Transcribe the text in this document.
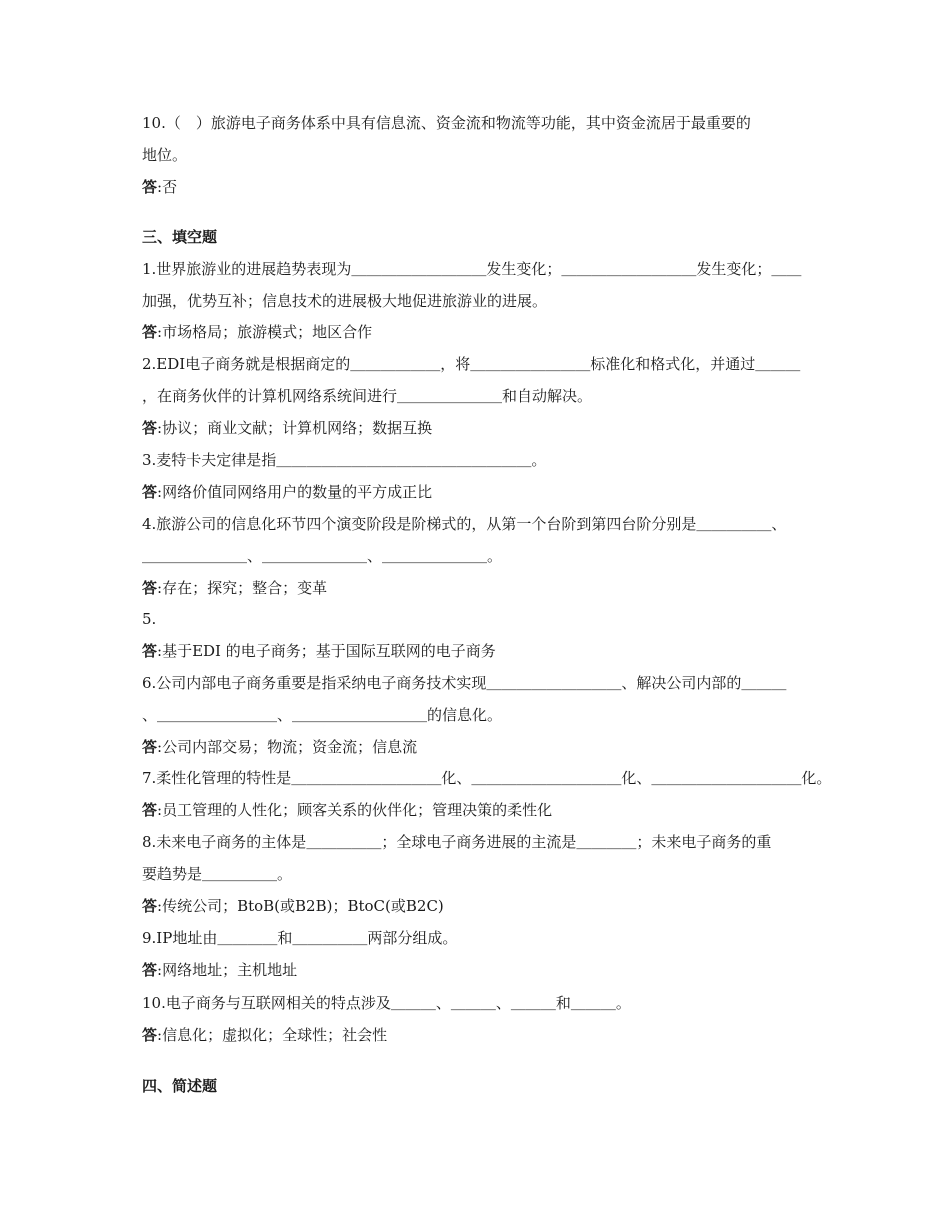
10.（　）旅游电子商务体系中具有信息流、资金流和物流等功能，其中资金流居于最重要的
地位。
答:否
三、填空题
1.世界旅游业的进展趋势表现为＿＿＿＿＿＿＿＿＿发生变化；＿＿＿＿＿＿＿＿＿发生变化；＿＿
加强，优势互补；信息技术的进展极大地促进旅游业的进展。
答:市场格局；旅游模式；地区合作
2.EDI电子商务就是根据商定的＿＿＿＿＿＿，将＿＿＿＿＿＿＿＿标准化和格式化，并通过＿＿＿
，在商务伙伴的计算机网络系统间进行＿＿＿＿＿＿＿和自动解决。
答:协议；商业文献；计算机网络；数据互换
3.麦特卡夫定律是指＿＿＿＿＿＿＿＿＿＿＿＿＿＿＿＿＿。
答:网络价值同网络用户的数量的平方成正比
4.旅游公司的信息化环节四个演变阶段是阶梯式的，从第一个台阶到第四台阶分别是＿＿＿＿＿、
＿＿＿＿＿＿＿、＿＿＿＿＿＿＿、＿＿＿＿＿＿＿。
答:存在；探究；整合；变革
5.
答:基于EDI 的电子商务；基于国际互联网的电子商务
6.公司内部电子商务重要是指采纳电子商务技术实现＿＿＿＿＿＿＿＿＿、解决公司内部的＿＿＿
、＿＿＿＿＿＿＿＿、＿＿＿＿＿＿＿＿＿的信息化。
答:公司内部交易；物流；资金流；信息流
7.柔性化管理的特性是＿＿＿＿＿＿＿＿＿＿化、＿＿＿＿＿＿＿＿＿＿化、＿＿＿＿＿＿＿＿＿＿化。
答:员工管理的人性化；顾客关系的伙伴化；管理决策的柔性化
8.未来电子商务的主体是＿＿＿＿＿；全球电子商务进展的主流是＿＿＿＿；未来电子商务的重
要趋势是＿＿＿＿＿。
答:传统公司；BtoB(或B2B)；BtoC(或B2C)
9.IP地址由＿＿＿＿和＿＿＿＿＿两部分组成。
答:网络地址；主机地址
10.电子商务与互联网相关的特点涉及＿＿＿、＿＿＿、＿＿＿和＿＿＿。
答:信息化；虚拟化；全球性；社会性
四、简述题
